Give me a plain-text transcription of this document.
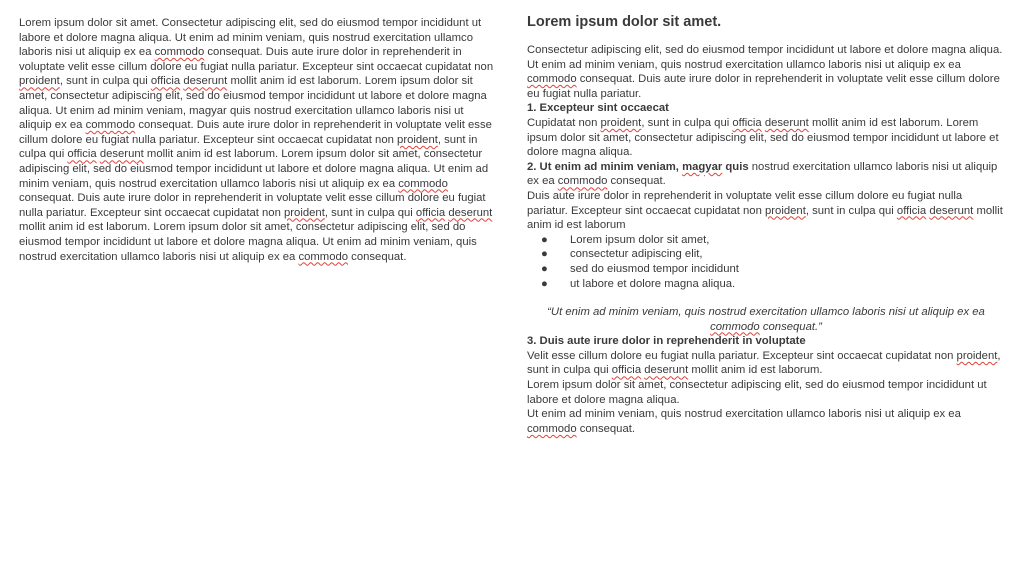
Lorem ipsum dolor sit amet. Consectetur adipiscing elit, sed do eiusmod tempor incididunt ut labore et dolore magna aliqua. Ut enim ad minim veniam, quis nostrud exercitation ullamco laboris nisi ut aliquip ex ea commodo consequat. Duis aute irure dolor in reprehenderit in voluptate velit esse cillum dolore eu fugiat nulla pariatur. Excepteur sint occaecat cupidatat non proident, sunt in culpa qui officia deserunt mollit anim id est laborum. Lorem ipsum dolor sit amet, consectetur adipiscing elit, sed do eiusmod tempor incididunt ut labore et dolore magna aliqua. Ut enim ad minim veniam, magyar quis nostrud exercitation ullamco laboris nisi ut aliquip ex ea commodo consequat. Duis aute irure dolor in reprehenderit in voluptate velit esse cillum dolore eu fugiat nulla pariatur. Excepteur sint occaecat cupidatat non proident, sunt in culpa qui officia deserunt mollit anim id est laborum. Lorem ipsum dolor sit amet, consectetur adipiscing elit, sed do eiusmod tempor incididunt ut labore et dolore magna aliqua. Ut enim ad minim veniam, quis nostrud exercitation ullamco laboris nisi ut aliquip ex ea commodo consequat. Duis aute irure dolor in reprehenderit in voluptate velit esse cillum dolore eu fugiat nulla pariatur. Excepteur sint occaecat cupidatat non proident, sunt in culpa qui officia deserunt mollit anim id est laborum. Lorem ipsum dolor sit amet, consectetur adipiscing elit, sed do eiusmod tempor incididunt ut labore et dolore magna aliqua. Ut enim ad minim veniam, quis nostrud exercitation ullamco laboris nisi ut aliquip ex ea commodo consequat.

Lorem ipsum dolor sit amet.

Consectetur adipiscing elit, sed do eiusmod tempor incididunt ut labore et dolore magna aliqua. Ut enim ad minim veniam, quis nostrud exercitation ullamco laboris nisi ut aliquip ex ea commodo consequat. Duis aute irure dolor in reprehenderit in voluptate velit esse cillum dolore eu fugiat nulla pariatur.

1. Excepteur sint occaecat
Cupidatat non proident, sunt in culpa qui officia deserunt mollit anim id est laborum. Lorem ipsum dolor sit amet, consectetur adipiscing elit, sed do eiusmod tempor incididunt ut labore et dolore magna aliqua.

2. Ut enim ad minim veniam, magyar quis nostrud exercitation ullamco laboris nisi ut aliquip ex ea commodo consequat.

Duis aute irure dolor in reprehenderit in voluptate velit esse cillum dolore eu fugiat nulla pariatur. Excepteur sint occaecat cupidatat non proident, sunt in culpa qui officia deserunt mollit anim id est laborum

● Lorem ipsum dolor sit amet,
● consectetur adipiscing elit,
● sed do eiusmod tempor incididunt
● ut labore et dolore magna aliqua.

“Ut enim ad minim veniam, quis nostrud exercitation ullamco laboris nisi ut aliquip ex ea commodo consequat.”

3. Duis aute irure dolor in reprehenderit in voluptate

Velit esse cillum dolore eu fugiat nulla pariatur. Excepteur sint occaecat cupidatat non proident, sunt in culpa qui officia deserunt mollit anim id est laborum.

Lorem ipsum dolor sit amet, consectetur adipiscing elit, sed do eiusmod tempor incididunt ut labore et dolore magna aliqua.

Ut enim ad minim veniam, quis nostrud exercitation ullamco laboris nisi ut aliquip ex ea commodo consequat.
